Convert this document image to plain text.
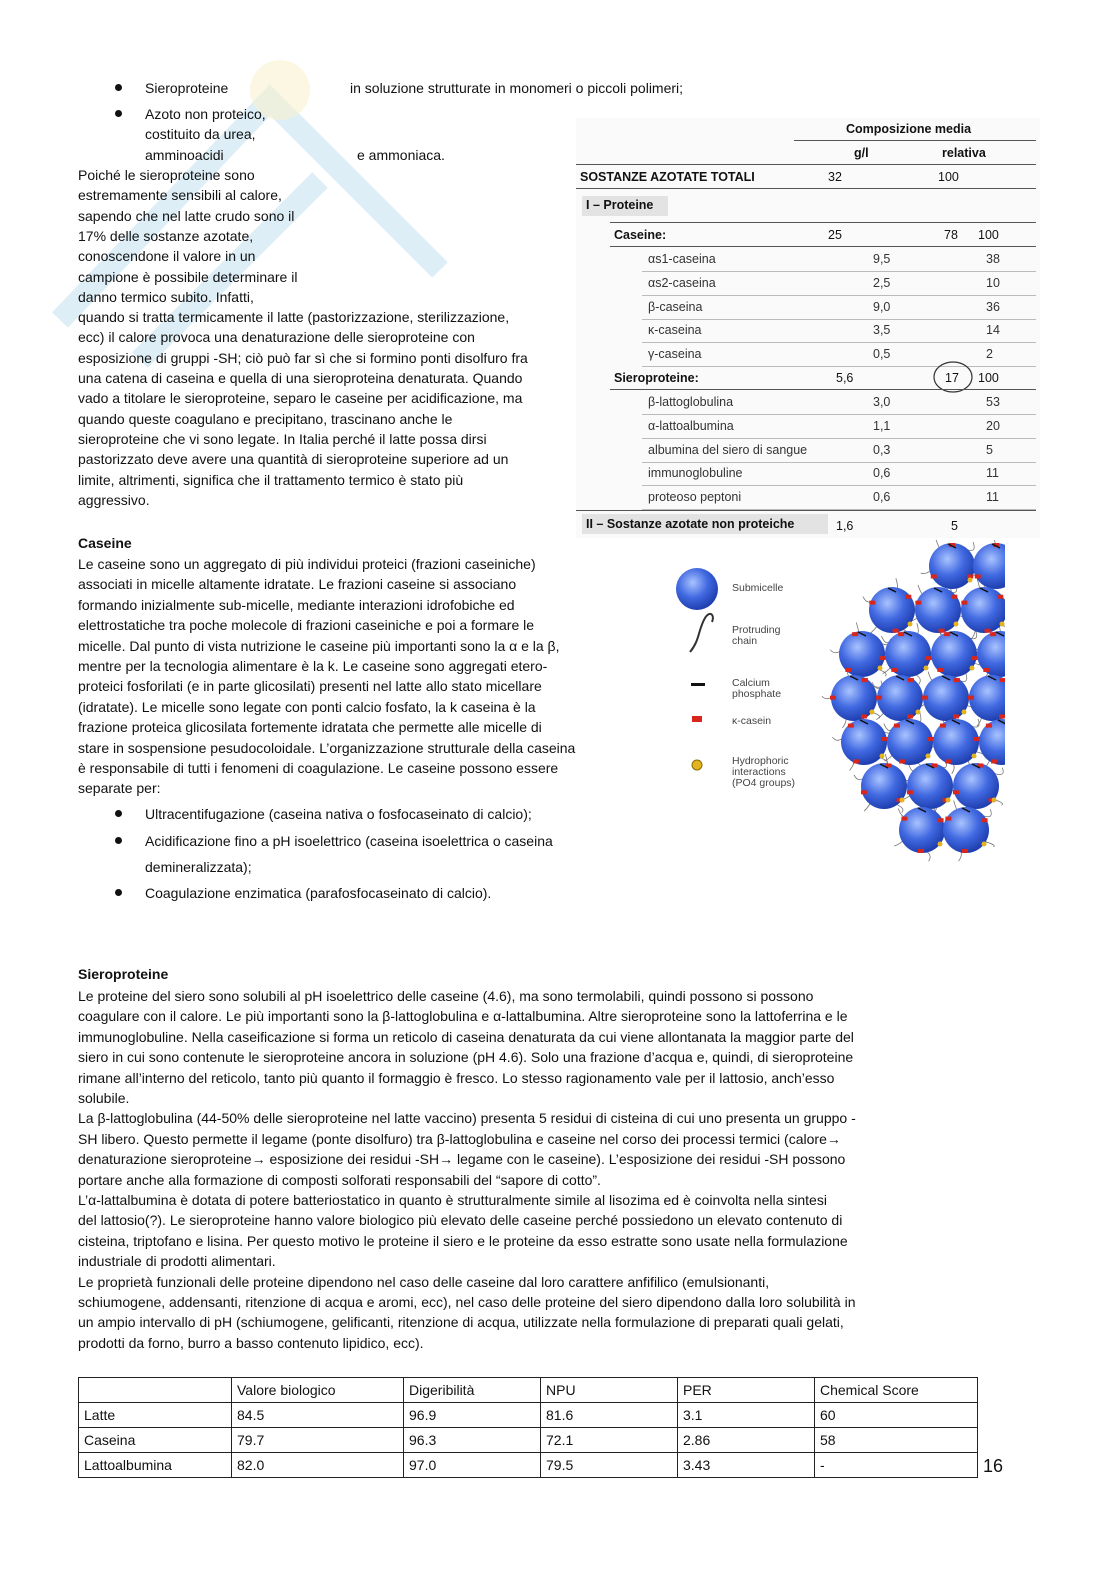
Sieroproteine	in soluzione strutturate in monomeri o piccoli polimeri;
Azoto non proteico,
costituito da urea,
amminoacidi	e ammoniaca.
Poiché le sieroproteine sono
estremamente sensibili al calore,
sapendo che nel latte crudo sono il
17% delle sostanze azotate,
conoscendone il valore in un
campione è possibile determinare il
danno termico subito. Infatti,
quando si tratta termicamente il latte (pastorizzazione, sterilizzazione,
ecc) il calore provoca una denaturazione delle sieroproteine con
esposizione di gruppi -SH; ciò può far sì che si formino ponti disolfuro fra
una catena di caseina e quella di una sieroproteina denaturata. Quando
vado a titolare le sieroproteine, separo le caseine per acidificazione, ma
quando queste coagulano e precipitano, trascinano anche le
sieroproteine che vi sono legate. In Italia perché il latte possa dirsi
pastorizzato deve avere una quantità di sieroproteine superiore ad un
limite, altrimenti, significa che il trattamento termico è stato più
aggressivo.
Composizione media
g/l	relativa
SOSTANZE AZOTATE TOTALI	32	100
I – Proteine
Caseine:	25	78 100
αs1-caseina	9,5	38
αs2-caseina	2,5	10
β-caseina	9,0	36
κ-caseina	3,5	14
γ-caseina	0,5	2
Sieroproteine:	5,6	17 100
β-lattoglobulina	3,0	53
α-lattoalbumina	1,1	20
albumina del siero di sangue	0,3	5
immunoglobuline	0,6	11
proteoso peptoni	0,6	11
II – Sostanze azotate non proteiche	1,6	5
Caseine
Le caseine sono un aggregato di più individui proteici (frazioni caseiniche)
associati in micelle altamente idratate. Le frazioni caseine si associano
formando inizialmente sub-micelle, mediante interazioni idrofobiche ed
elettrostatiche tra poche molecole di frazioni caseiniche e poi a formare le
micelle. Dal punto di vista nutrizione le caseine più importanti sono la α e la β,
mentre per la tecnologia alimentare è la k. Le caseine sono aggregati etero-
proteici fosforilati (e in parte glicosilati) presenti nel latte allo stato micellare
(idratate). Le micelle sono legate con ponti calcio fosfato, la k caseina è la
frazione proteica glicosilata fortemente idratata che permette alle micelle di
stare in sospensione pesudocoloidale. L’organizzazione strutturale della caseina
è responsabile di tutti i fenomeni di coagulazione. Le caseine possono essere
separate per:
Ultracentifugazione (caseina nativa o fosfocaseinato di calcio);
Acidificazione fino a pH isoelettrico (caseina isoelettrica o caseina
demineralizzata);
Coagulazione enzimatica (parafosfocaseinato di calcio).
Submicelle
Protruding
chain
Calcium
phosphate
κ-casein
Hydrophoric
interactions
(PO4 groups)
Sieroproteine
Le proteine del siero sono solubili al pH isoelettrico delle caseine (4.6), ma sono termolabili, quindi possono si possono
coagulare con il calore. Le più importanti sono la β-lattoglobulina e α-lattalbumina. Altre sieroproteine sono la lattoferrina e le
immunoglobuline. Nella caseificazione si forma un reticolo di caseina denaturata da cui viene allontanata la maggior parte del
siero in cui sono contenute le sieroproteine ancora in soluzione (pH 4.6). Solo una frazione d’acqua e, quindi, di sieroproteine
rimane all’interno del reticolo, tanto più quanto il formaggio è fresco. Lo stesso ragionamento vale per il lattosio, anch’esso
solubile.
La β-lattoglobulina (44-50% delle sieroproteine nel latte vaccino) presenta 5 residui di cisteina di cui uno presenta un gruppo -
SH libero. Questo permette il legame (ponte disolfuro) tra β-lattoglobulina e caseine nel corso dei processi termici (calore→
denaturazione sieroproteine→ esposizione dei residui -SH→ legame con le caseine). L’esposizione dei residui -SH possono
portare anche alla formazione di composti solforati responsabili del “sapore di cotto”.
L’α-lattalbumina è dotata di potere batteriostatico in quanto è strutturalmente simile al lisozima ed è coinvolta nella sintesi
del lattosio(?). Le sieroproteine hanno valore biologico più elevato delle caseine perché possiedono un elevato contenuto di
cisteina, triptofano e lisina. Per questo motivo le proteine il siero e le proteine da esso estratte sono usate nella formulazione
industriale di prodotti alimentari.
Le proprietà funzionali delle proteine dipendono nel caso delle caseine dal loro carattere anfifilico (emulsionanti,
schiumogene, addensanti, ritenzione di acqua e aromi, ecc), nel caso delle proteine del siero dipendono dalla loro solubilità in
un ampio intervallo di pH (schiumogene, gelificanti, ritenzione di acqua, utilizzate nella formulazione di preparati quali gelati,
prodotti da forno, burro a basso contenuto lipidico, ecc).
	Valore biologico	Digeribilità	NPU	PER	Chemical Score
Latte	84.5	96.9	81.6	3.1	60
Caseina	79.7	96.3	72.1	2.86	58
Lattoalbumina	82.0	97.0	79.5	3.43	-	16
